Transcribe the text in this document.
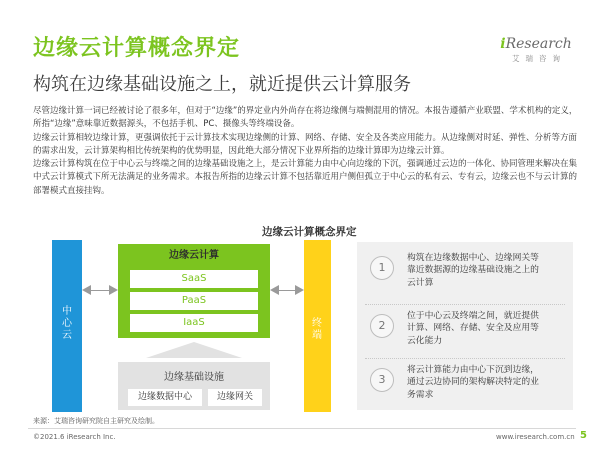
边缘云计算概念界定
构筑在边缘基础设施之上，就近提供云计算服务
iResearch
艾瑞咨询

尽管边缘计算一词已经被讨论了很多年，但对于“边缘”的界定业内外尚存在将边缘侧与端侧混用的情况。本报告遵循产业联盟、学术机构的定义，所指“边缘”意味靠近数据源头，不包括手机、PC、摄像头等终端设备。

边缘云计算相较边缘计算，更强调依托于云计算技术实现边缘侧的计算、网络、存储、安全及各类应用能力。从边缘侧对时延、弹性、分析等方面的需求出发，云计算架构相比传统架构的优势明显，因此绝大部分情况下业界所指的边缘计算即为边缘云计算。

边缘云计算构筑在位于中心云与终端之间的边缘基础设施之上，是云计算能力由中心向边缘的下沉，强调通过云边的一体化、协同管理来解决在集中式云计算模式下所无法满足的业务需求。本报告所指的边缘云计算不包括靠近用户侧但孤立于中心云的私有云、专有云，边缘云也不与云计算的部署模式直接挂钩。

边缘云计算概念界定
中心云
终端
边缘云计算
SaaS
PaaS
IaaS
边缘基础设施
边缘数据中心	边缘网关
1
构筑在边缘数据中心、边缘网关等靠近数据源的边缘基础设施之上的云计算
2
位于中心云及终端之间，就近提供计算、网络、存储、安全及应用等云化能力
3
将云计算能力由中心下沉到边缘，通过云边协同的架构解决特定的业务需求
来源：艾瑞咨询研究院自主研究及绘制。
©2021.6 iResearch Inc.	www.iresearch.com.cn 5
